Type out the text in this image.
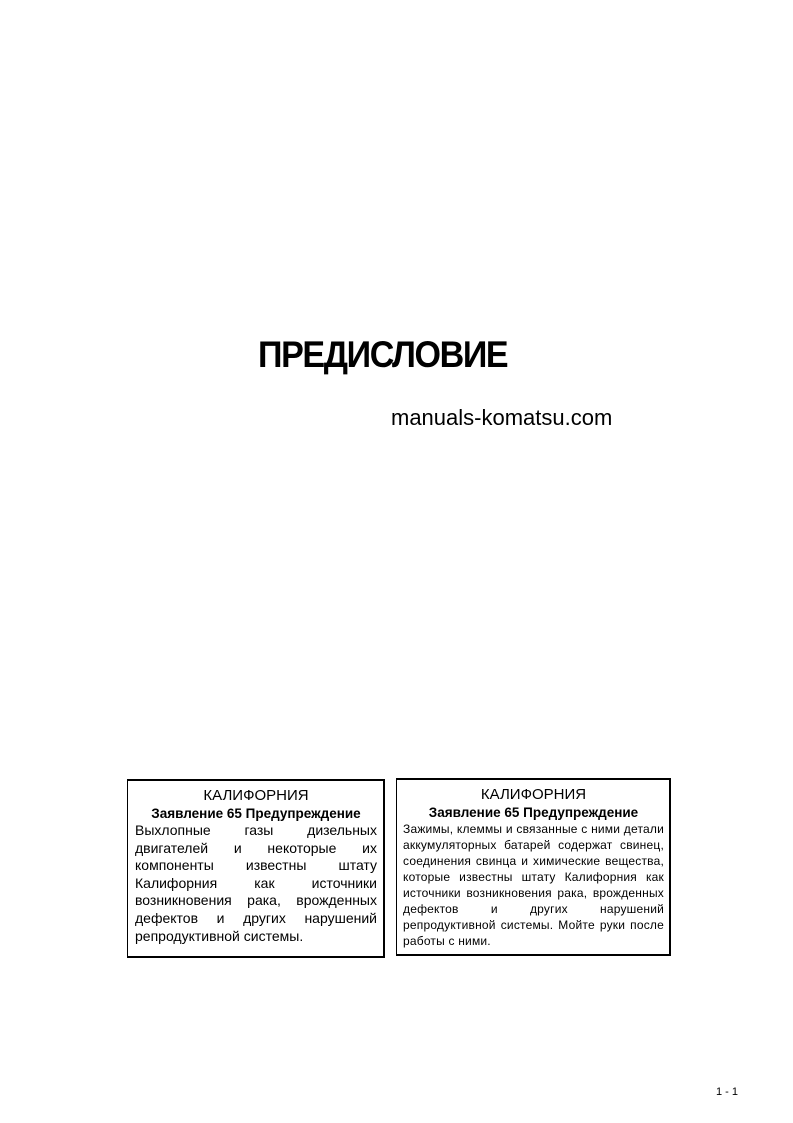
ПРЕДИСЛОВИЕ
manuals-komatsu.com

КАЛИФОРНИЯ

Заявление 65 Предупреждение

Выхлопные газы дизельных двигателей и некоторые их компоненты известны штату Калифорния как источники возникновения рака, врожденных дефектов и других нарушений репродуктивной системы.

КАЛИФОРНИЯ

Заявление 65 Предупреждение

Зажимы, клеммы и связанные с ними детали аккумуляторных батарей содержат свинец, соединения свинца и химические вещества, которые известны штату Калифорния как источники возникновения рака, врожденных дефектов и других нарушений репродуктивной системы. Мойте руки после работы с ними.

1 - 1
